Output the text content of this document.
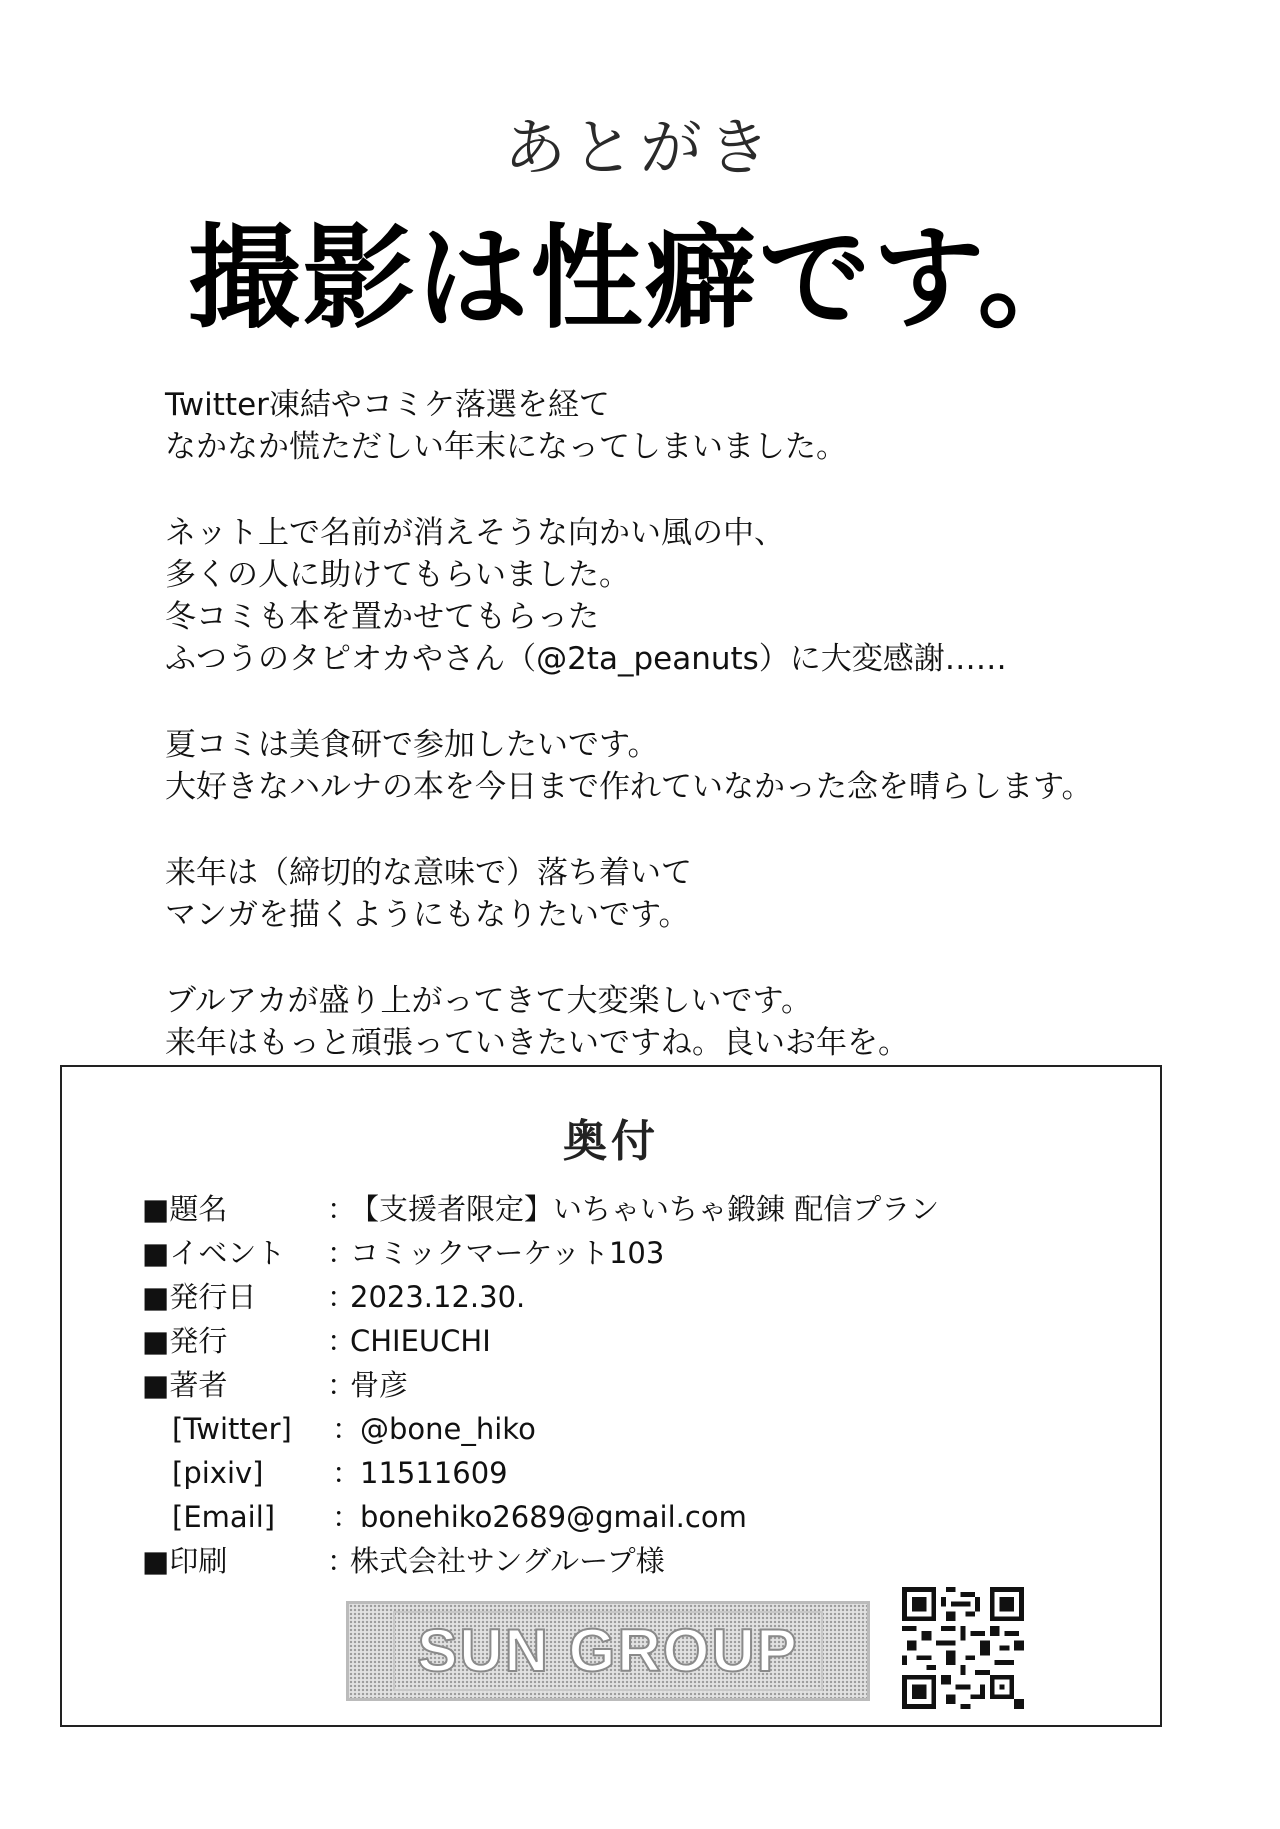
あとがき
撮影は性癖です。
Twitter凍結やコミケ落選を経て
なかなか慌ただしい年末になってしまいました。
ネット上で名前が消えそうな向かい風の中、
多くの人に助けてもらいました。
冬コミも本を置かせてもらった
ふつうのタピオカやさん（@2ta_peanuts）に大変感謝……
夏コミは美食研で参加したいです。
大好きなハルナの本を今日まで作れていなかった念を晴らします。
来年は（締切的な意味で）落ち着いて
マンガを描くようにもなりたいです。
ブルアカが盛り上がってきて大変楽しいです。
来年はもっと頑張っていきたいですね。良いお年を。
奥付
■題名	：
【支援者限定】いちゃいちゃ鍛錬 配信プラン
■イベント ：
コミックマーケット103
■発行日 ：
2023.12.30.
■発行	：
CHIEUCHI
■著者	：
骨彦
[Twitter] ：
@bone_hiko
[pixiv] ：
11511609
[Email] ：
bonehiko2689@gmail.com
■印刷	：
株式会社サングループ様
SUN GROUP
